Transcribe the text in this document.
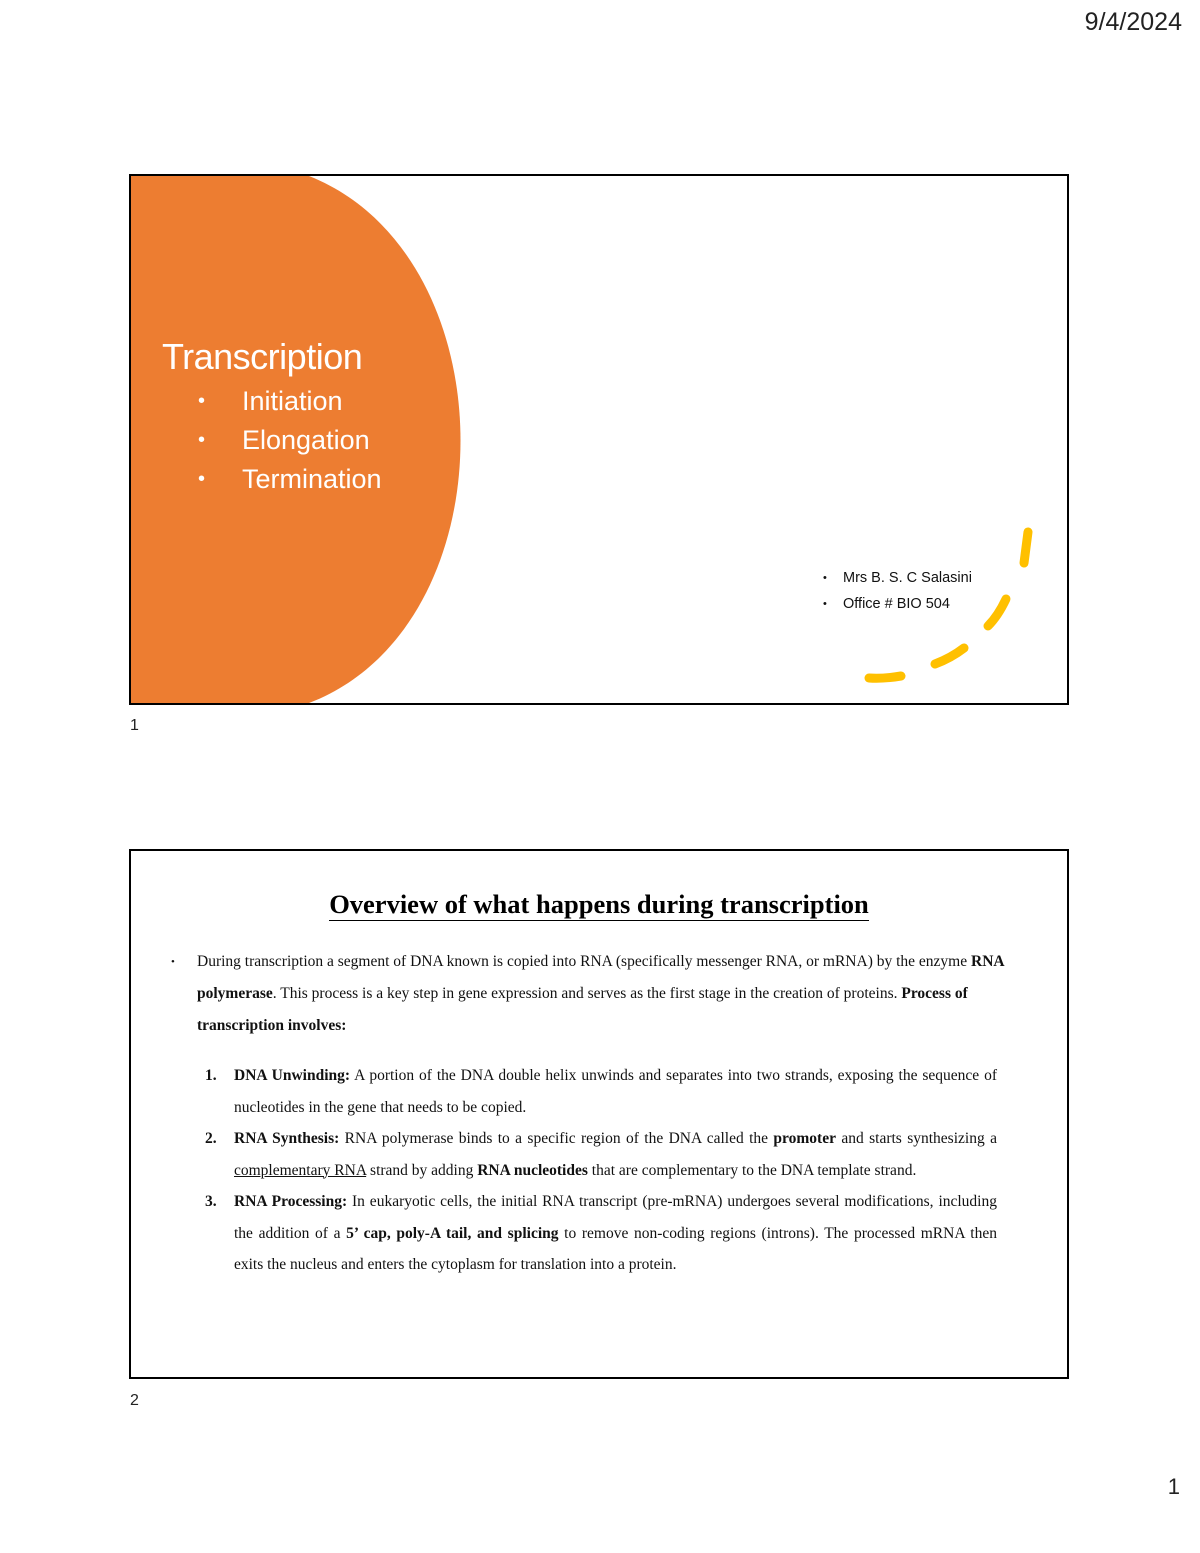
9/4/2024
Transcription
• Initiation
• Elongation
• Termination
• Mrs B. S. C Salasini
• Office # BIO 504
1
Overview of what happens during transcription

• During transcription a segment of DNA known is copied into RNA (specifically messenger RNA, or mRNA) by the enzyme RNA polymerase. This process is a key step in gene expression and serves as the first stage in the creation of proteins. Process of transcription involves:

1. DNA Unwinding: A portion of the DNA double helix unwinds and separates into two strands, exposing the sequence of nucleotides in the gene that needs to be copied.
2. RNA Synthesis: RNA polymerase binds to a specific region of the DNA called the promoter and starts synthesizing a complementary RNA strand by adding RNA nucleotides that are complementary to the DNA template strand.
3. RNA Processing: In eukaryotic cells, the initial RNA transcript (pre-mRNA) undergoes several modifications, including the addition of a 5’ cap, poly-A tail, and splicing to remove non-coding regions (introns). The processed mRNA then exits the nucleus and enters the cytoplasm for translation into a protein.
2
1
